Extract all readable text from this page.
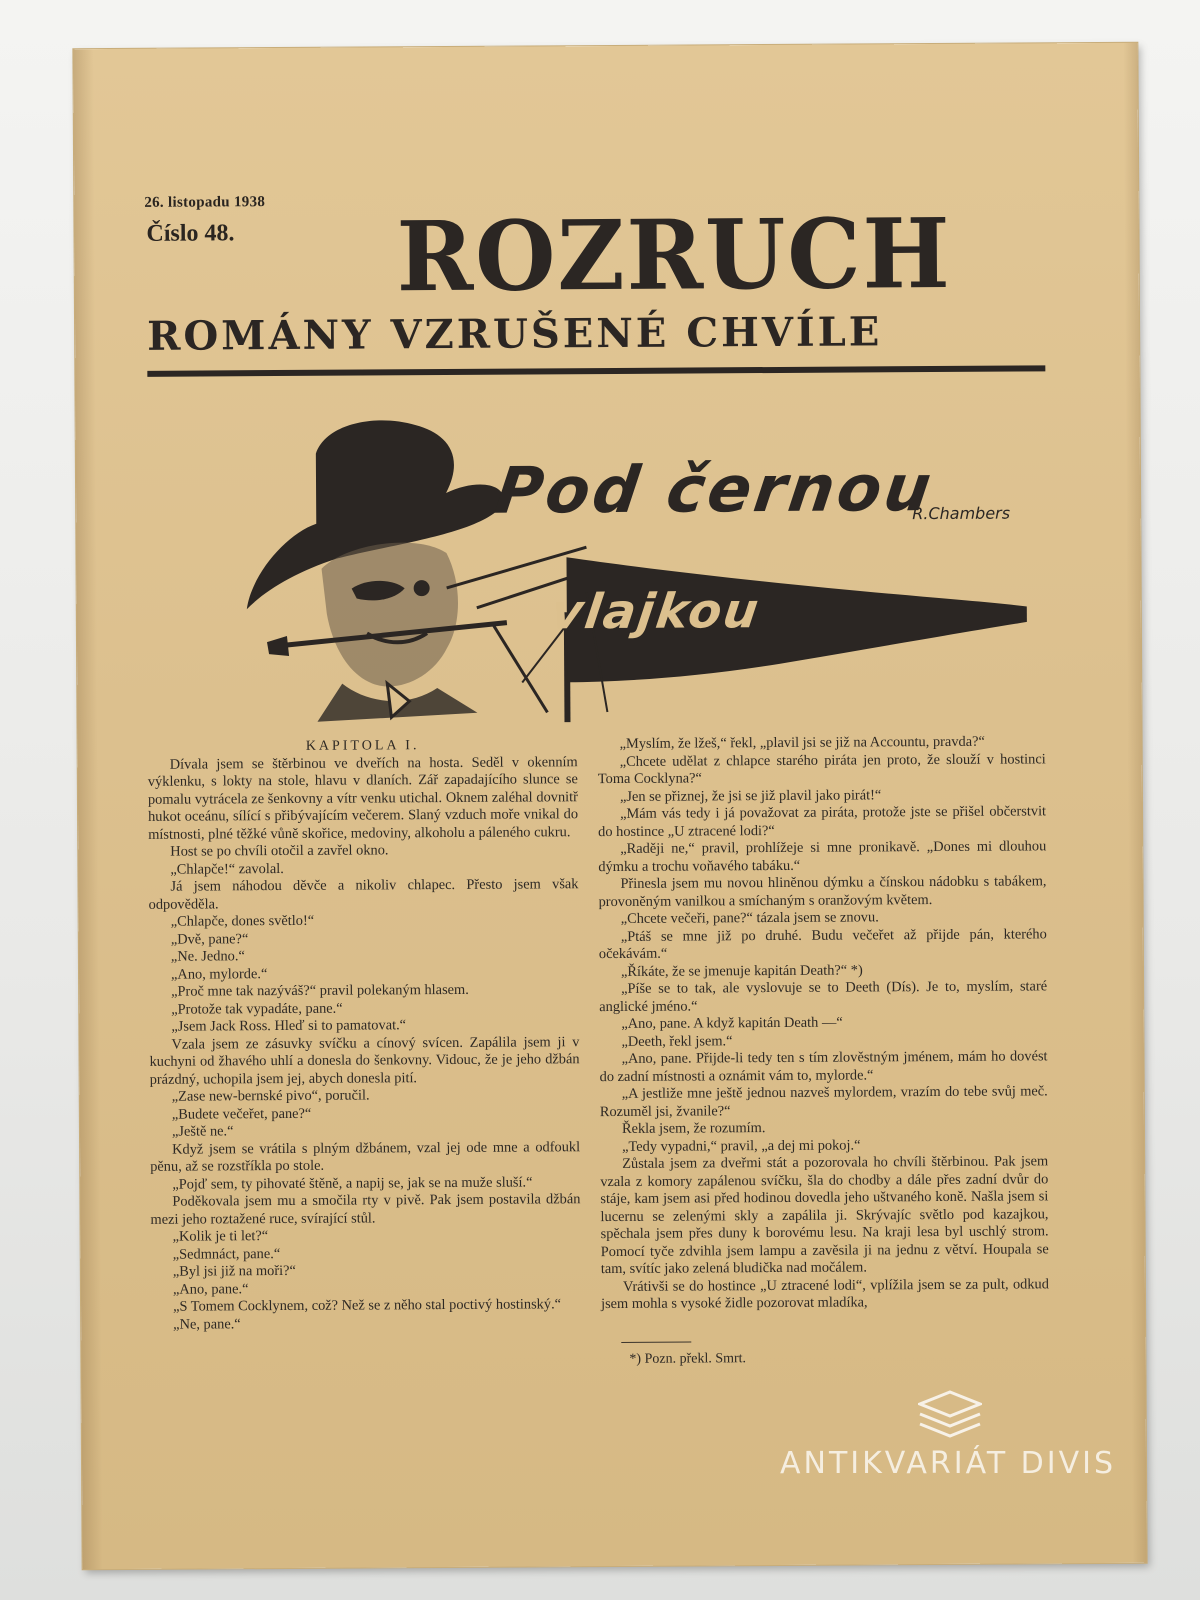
26. listopadu 1938
Číslo 48. ROZRUCH
ROMÁNY VZRUŠENÉ CHVÍLE
Pod černou
R.Chambers
vlajkou

KAPITOLA I.

Dívala jsem se štěrbinou ve dveřích na hosta. Seděl v okenním výklenku, s lokty na stole, hlavu v dlaních. Zář zapadajícího slunce se pomalu vytrácela ze šenkovny a vítr venku utichal. Oknem zaléhal dovnitř hukot oceánu, sílící s přibývajícím večerem. Slaný vzduch moře vnikal do místnosti, plné těžké vůně skořice, medoviny, alkoholu a páleného cukru.

Host se po chvíli otočil a zavřel okno.

„Chlapče!“ zavolal.

Já jsem náhodou děvče a nikoliv chlapec. Přesto jsem však odpověděla.

„Chlapče, dones světlo!“

„Dvě, pane?“

„Ne. Jedno.“

„Ano, mylorde.“

„Proč mne tak nazýváš?“ pravil polekaným hlasem.

„Protože tak vypadáte, pane.“

„Jsem Jack Ross. Hleď si to pamatovat.“

Vzala jsem ze zásuvky svíčku a cínový svícen. Zapálila jsem ji v kuchyni od žhavého uhlí a donesla do šenkovny. Vidouc, že je jeho džbán prázdný, uchopila jsem jej, abych donesla pití.

„Zase new-bernské pivo“, poručil.

„Budete večeřet, pane?“

„Ještě ne.“

Když jsem se vrátila s plným džbánem, vzal jej ode mne a odfoukl pěnu, až se rozstříkla po stole.

„Pojď sem, ty pihovaté štěně, a napij se, jak se na muže sluší.“

Poděkovala jsem mu a smočila rty v pivě. Pak jsem postavila džbán mezi jeho roztažené ruce, svírající stůl.

„Kolik je ti let?“

„Sedmnáct, pane.“

„Byl jsi již na moři?“

„Ano, pane.“

„S Tomem Cocklynem, což? Než se z něho stal poctivý hostinský.“

„Ne, pane.“

„Myslím, že lžeš,“ řekl, „plavil jsi se již na Accountu, pravda?“

„Chcete udělat z chlapce starého piráta jen proto, že slouží v hostinci Toma Cocklyna?“

„Jen se přiznej, že jsi se již plavil jako pirát!“

„Mám vás tedy i já považovat za piráta, protože jste se přišel občerstvit do hostince „U ztracené lodi?“

„Raději ne,“ pravil, prohlížeje si mne pronikavě. „Dones mi dlouhou dýmku a trochu voňavého tabáku.“

Přinesla jsem mu novou hliněnou dýmku a čínskou nádobku s tabákem, provoněným vanilkou a smíchaným s oranžovým květem.

„Chcete večeři, pane?“ tázala jsem se znovu.

„Ptáš se mne již po druhé. Budu večeřet až přijde pán, kterého očekávám.“

„Říkáte, že se jmenuje kapitán Death?“ *)

„Píše se to tak, ale vyslovuje se to Deeth (Dís). Je to, myslím, staré anglické jméno.“

„Ano, pane. A když kapitán Death —“

„Deeth, řekl jsem.“

„Ano, pane. Přijde-li tedy ten s tím zlověstným jménem, mám ho dovést do zadní místnosti a oznámit vám to, mylorde.“

„A jestliže mne ještě jednou nazveš mylordem, vrazím do tebe svůj meč. Rozuměl jsi, žvanile?“

Řekla jsem, že rozumím.

„Tedy vypadni,“ pravil, „a dej mi pokoj.“

Zůstala jsem za dveřmi stát a pozorovala ho chvíli štěrbinou. Pak jsem vzala z komory zapálenou svíčku, šla do chodby a dále přes zadní dvůr do stáje, kam jsem asi před hodinou dovedla jeho uštvaného koně. Našla jsem si lucernu se zelenými skly a zapálila ji. Skrývajíc světlo pod kazajkou, spěchala jsem přes duny k borovému lesu. Na kraji lesa byl uschlý strom. Pomocí tyče zdvihla jsem lampu a zavěsila ji na jednu z větví. Houpala se tam, svítíc jako zelená bludička nad močálem.

Vrátivši se do hostince „U ztracené lodi“, vplížila jsem se za pult, odkud jsem mohla s vysoké židle pozorovat mladíka,

*) Pozn. překl. Smrt.
ANTIKVARIÁT DIVIS
